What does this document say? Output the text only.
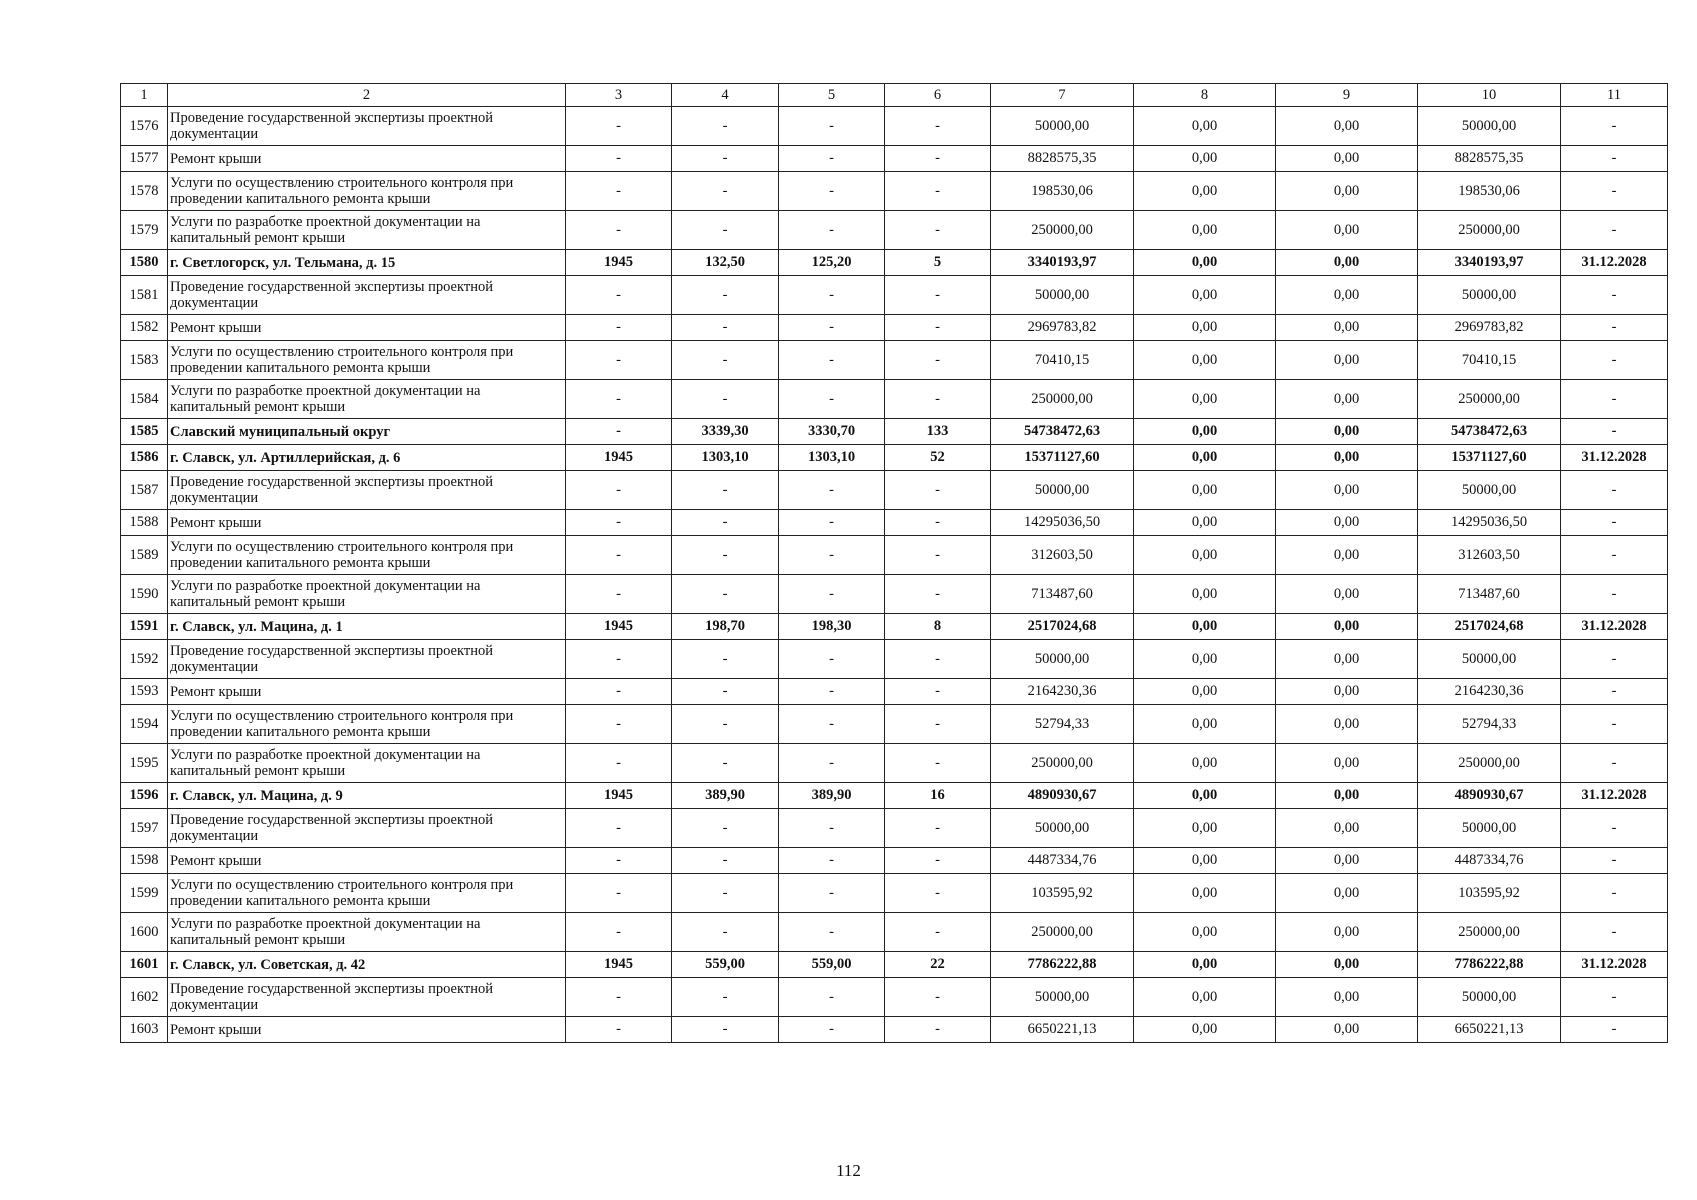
1	2	3	4	5	6	7	8	9	10	11
1576	Проведение государственной экспертизы проектной документации	-	-	-	-	50000,00	0,00	0,00	50000,00	-
1577	Ремонт крыши	-	-	-	-	8828575,35	0,00	0,00	8828575,35	-
1578	Услуги по осуществлению строительного контроля при проведении капитального ремонта крыши	-	-	-	-	198530,06	0,00	0,00	198530,06	-
1579	Услуги по разработке проектной документации на капитальный ремонт крыши	-	-	-	-	250000,00	0,00	0,00	250000,00	-
1580	г. Светлогорск, ул. Тельмана, д. 15	1945	132,50	125,20	5	3340193,97	0,00	0,00	3340193,97	31.12.2028
1581	Проведение государственной экспертизы проектной документации	-	-	-	-	50000,00	0,00	0,00	50000,00	-
1582	Ремонт крыши	-	-	-	-	2969783,82	0,00	0,00	2969783,82	-
1583	Услуги по осуществлению строительного контроля при проведении капитального ремонта крыши	-	-	-	-	70410,15	0,00	0,00	70410,15	-
1584	Услуги по разработке проектной документации на капитальный ремонт крыши	-	-	-	-	250000,00	0,00	0,00	250000,00	-
1585	Славский муниципальный округ	-	3339,30	3330,70	133	54738472,63	0,00	0,00	54738472,63	-
1586	г. Славск, ул. Артиллерийская, д. 6	1945	1303,10	1303,10	52	15371127,60	0,00	0,00	15371127,60	31.12.2028
1587	Проведение государственной экспертизы проектной документации	-	-	-	-	50000,00	0,00	0,00	50000,00	-
1588	Ремонт крыши	-	-	-	-	14295036,50	0,00	0,00	14295036,50	-
1589	Услуги по осуществлению строительного контроля при проведении капитального ремонта крыши	-	-	-	-	312603,50	0,00	0,00	312603,50	-
1590	Услуги по разработке проектной документации на капитальный ремонт крыши	-	-	-	-	713487,60	0,00	0,00	713487,60	-
1591	г. Славск, ул. Мацина, д. 1	1945	198,70	198,30	8	2517024,68	0,00	0,00	2517024,68	31.12.2028
1592	Проведение государственной экспертизы проектной документации	-	-	-	-	50000,00	0,00	0,00	50000,00	-
1593	Ремонт крыши	-	-	-	-	2164230,36	0,00	0,00	2164230,36	-
1594	Услуги по осуществлению строительного контроля при проведении капитального ремонта крыши	-	-	-	-	52794,33	0,00	0,00	52794,33	-
1595	Услуги по разработке проектной документации на капитальный ремонт крыши	-	-	-	-	250000,00	0,00	0,00	250000,00	-
1596	г. Славск, ул. Мацина, д. 9	1945	389,90	389,90	16	4890930,67	0,00	0,00	4890930,67	31.12.2028
1597	Проведение государственной экспертизы проектной документации	-	-	-	-	50000,00	0,00	0,00	50000,00	-
1598	Ремонт крыши	-	-	-	-	4487334,76	0,00	0,00	4487334,76	-
1599	Услуги по осуществлению строительного контроля при проведении капитального ремонта крыши	-	-	-	-	103595,92	0,00	0,00	103595,92	-
1600	Услуги по разработке проектной документации на капитальный ремонт крыши	-	-	-	-	250000,00	0,00	0,00	250000,00	-
1601	г. Славск, ул. Советская, д. 42	1945	559,00	559,00	22	7786222,88	0,00	0,00	7786222,88	31.12.2028
1602	Проведение государственной экспертизы проектной документации	-	-	-	-	50000,00	0,00	0,00	50000,00	-
1603	Ремонт крыши	-	-	-	-	6650221,13	0,00	0,00	6650221,13	-
112
